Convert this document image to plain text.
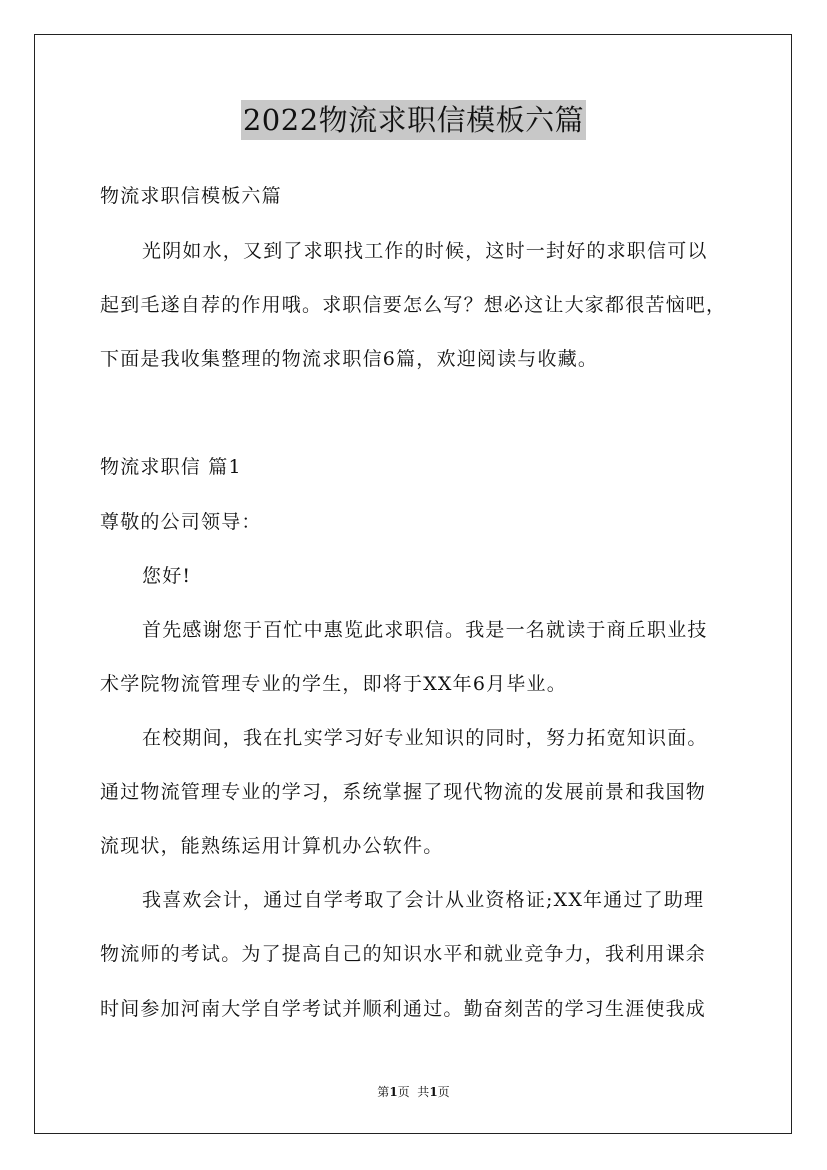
2022物流求职信模板六篇
物流求职信模板六篇
光阴如水，又到了求职找工作的时候，这时一封好的求职信可以
起到毛遂自荐的作用哦。求职信要怎么写？想必这让大家都很苦恼吧，
下面是我收集整理的物流求职信6篇，欢迎阅读与收藏。
物流求职信 篇1
尊敬的公司领导：
您好!
首先感谢您于百忙中惠览此求职信。我是一名就读于商丘职业技
术学院物流管理专业的学生，即将于XX年6月毕业。
在校期间，我在扎实学习好专业知识的同时，努力拓宽知识面。
通过物流管理专业的学习，系统掌握了现代物流的发展前景和我国物
流现状，能熟练运用计算机办公软件。
我喜欢会计，通过自学考取了会计从业资格证;XX年通过了助理
物流师的考试。为了提高自己的知识水平和就业竞争力，我利用课余
时间参加河南大学自学考试并顺利通过。勤奋刻苦的学习生涯使我成
第1页  共1页
